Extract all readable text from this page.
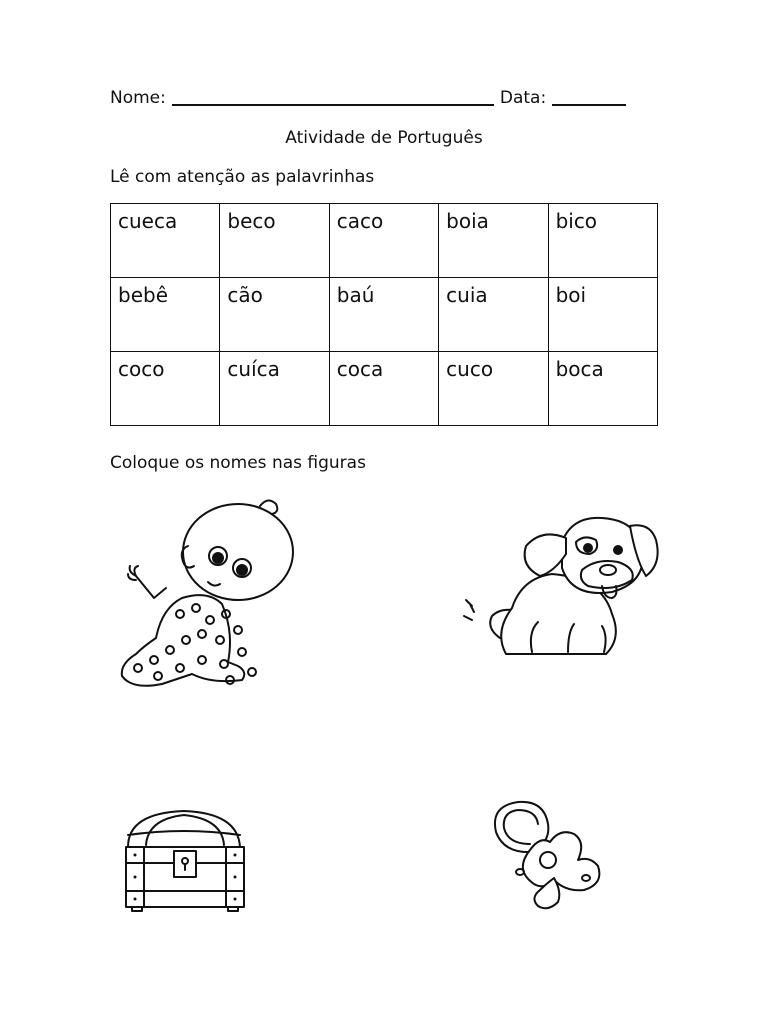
Nome:	Data:
Atividade de Português
Lê com atenção as palavrinhas
cueca	beco	caco	boia	bico
bebê	cão	baú	cuia	boi
coco	cuíca	coca	cuco	boca
Coloque os nomes nas figuras
